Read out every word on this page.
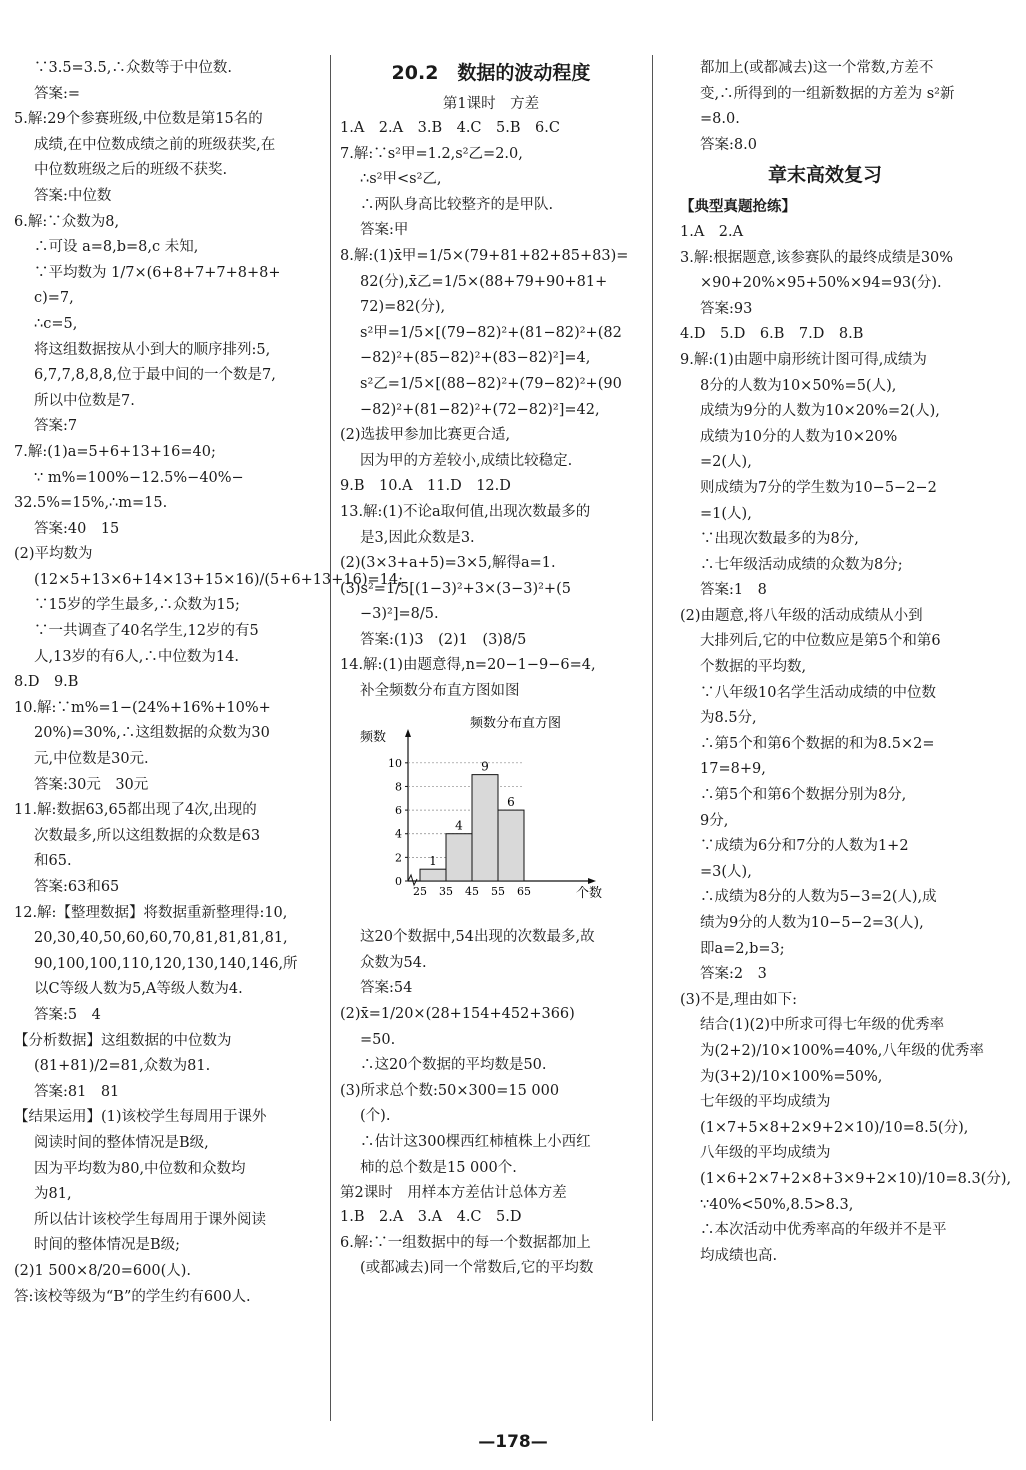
∵3.5=3.5,∴众数等于中位数.
答案:=
5.解:29个参赛班级,中位数是第15名的
成绩,在中位数成绩之前的班级获奖,在
中位数班级之后的班级不获奖.
答案:中位数
6.解:∵众数为8,
∴可设 a=8,b=8,c 未知,
∵平均数为 1/7×(6+8+7+7+8+8+
c)=7,
∴c=5,
将这组数据按从小到大的顺序排列:5,
6,7,7,8,8,8,位于最中间的一个数是7,
所以中位数是7.
答案:7
7.解:(1)a=5+6+13+16=40;
∵ m%=100%−12.5%−40%−
32.5%=15%,∴m=15.
答案:40　15
(2)平均数为
(12×5+13×6+14×13+15×16)/(5+6+13+16)=14;
∵15岁的学生最多,∴众数为15;
∵一共调查了40名学生,12岁的有5
人,13岁的有6人,∴中位数为14.
8.D　9.B
10.解:∵m%=1−(24%+16%+10%+
20%)=30%,∴这组数据的众数为30
元,中位数是30元.
答案:30元　30元
11.解:数据63,65都出现了4次,出现的
次数最多,所以这组数据的众数是63
和65.
答案:63和65
12.解:【整理数据】将数据重新整理得:10,
20,30,40,50,60,60,70,81,81,81,81,
90,100,100,110,120,130,140,146,所
以C等级人数为5,A等级人数为4.
答案:5　4
【分析数据】这组数据的中位数为
(81+81)/2=81,众数为81.
答案:81　81
【结果运用】(1)该校学生每周用于课外
阅读时间的整体情况是B级,
因为平均数为80,中位数和众数均
为81,
所以估计该校学生每周用于课外阅读
时间的整体情况是B级;
(2)1 500×8/20=600(人).
答:该校等级为“B”的学生约有600人.
20.2　数据的波动程度
第1课时　方差
1.A　2.A　3.B　4.C　5.B　6.C
7.解:∵s²甲=1.2,s²乙=2.0,
∴s²甲<s²乙,
∴两队身高比较整齐的是甲队.
答案:甲
8.解:(1)x̄甲=1/5×(79+81+82+85+83)=
82(分),x̄乙=1/5×(88+79+90+81+
72)=82(分),
s²甲=1/5×[(79−82)²+(81−82)²+(82
−82)²+(85−82)²+(83−82)²]=4,
s²乙=1/5×[(88−82)²+(79−82)²+(90
−82)²+(81−82)²+(72−82)²]=42,
(2)选拔甲参加比赛更合适,
因为甲的方差较小,成绩比较稳定.
9.B　10.A　11.D　12.D
13.解:(1)不论a取何值,出现次数最多的
是3,因此众数是3.
(2)(3×3+a+5)=3×5,解得a=1.
(3)s²=1/5[(1−3)²+3×(3−3)²+(5
−3)²]=8/5.
答案:(1)3　(2)1　(3)8/5
14.解:(1)由题意得,n=20−1−9−6=4,
补全频数分布直方图如图
频数分布直方图
频数
个数
0
2
4
6
8
10
1
4
9
6
25 35 45 55 65
这20个数据中,54出现的次数最多,故
众数为54.
答案:54
(2)x̄=1/20×(28+154+452+366)
=50.
∴这20个数据的平均数是50.
(3)所求总个数:50×300=15 000
(个).
∴估计这300棵西红柿植株上小西红
柿的总个数是15 000个.
第2课时　用样本方差估计总体方差
1.B　2.A　3.A　4.C　5.D
6.解:∵一组数据中的每一个数据都加上
(或都减去)同一个常数后,它的平均数
都加上(或都减去)这一个常数,方差不
变,∴所得到的一组新数据的方差为 s²新
=8.0.
答案:8.0
章末高效复习
【典型真题抢练】
1.A　2.A
3.解:根据题意,该参赛队的最终成绩是30%
×90+20%×95+50%×94=93(分).
答案:93
4.D　5.D　6.B　7.D　8.B
9.解:(1)由题中扇形统计图可得,成绩为
8分的人数为10×50%=5(人),
成绩为9分的人数为10×20%=2(人),
成绩为10分的人数为10×20%
=2(人),
则成绩为7分的学生数为10−5−2−2
=1(人),
∵出现次数最多的为8分,
∴七年级活动成绩的众数为8分;
答案:1　8
(2)由题意,将八年级的活动成绩从小到
大排列后,它的中位数应是第5个和第6
个数据的平均数,
∵八年级10名学生活动成绩的中位数
为8.5分,
∴第5个和第6个数据的和为8.5×2=
17=8+9,
∴第5个和第6个数据分别为8分,
9分,
∵成绩为6分和7分的人数为1+2
=3(人),
∴成绩为8分的人数为5−3=2(人),成
绩为9分的人数为10−5−2=3(人),
即a=2,b=3;
答案:2　3
(3)不是,理由如下:
结合(1)(2)中所求可得七年级的优秀率
为(2+2)/10×100%=40%,八年级的优秀率
为(3+2)/10×100%=50%,
七年级的平均成绩为
(1×7+5×8+2×9+2×10)/10=8.5(分),
八年级的平均成绩为
(1×6+2×7+2×8+3×9+2×10)/10=8.3(分),
∵40%<50%,8.5>8.3,
∴本次活动中优秀率高的年级并不是平
均成绩也高.
—178—
